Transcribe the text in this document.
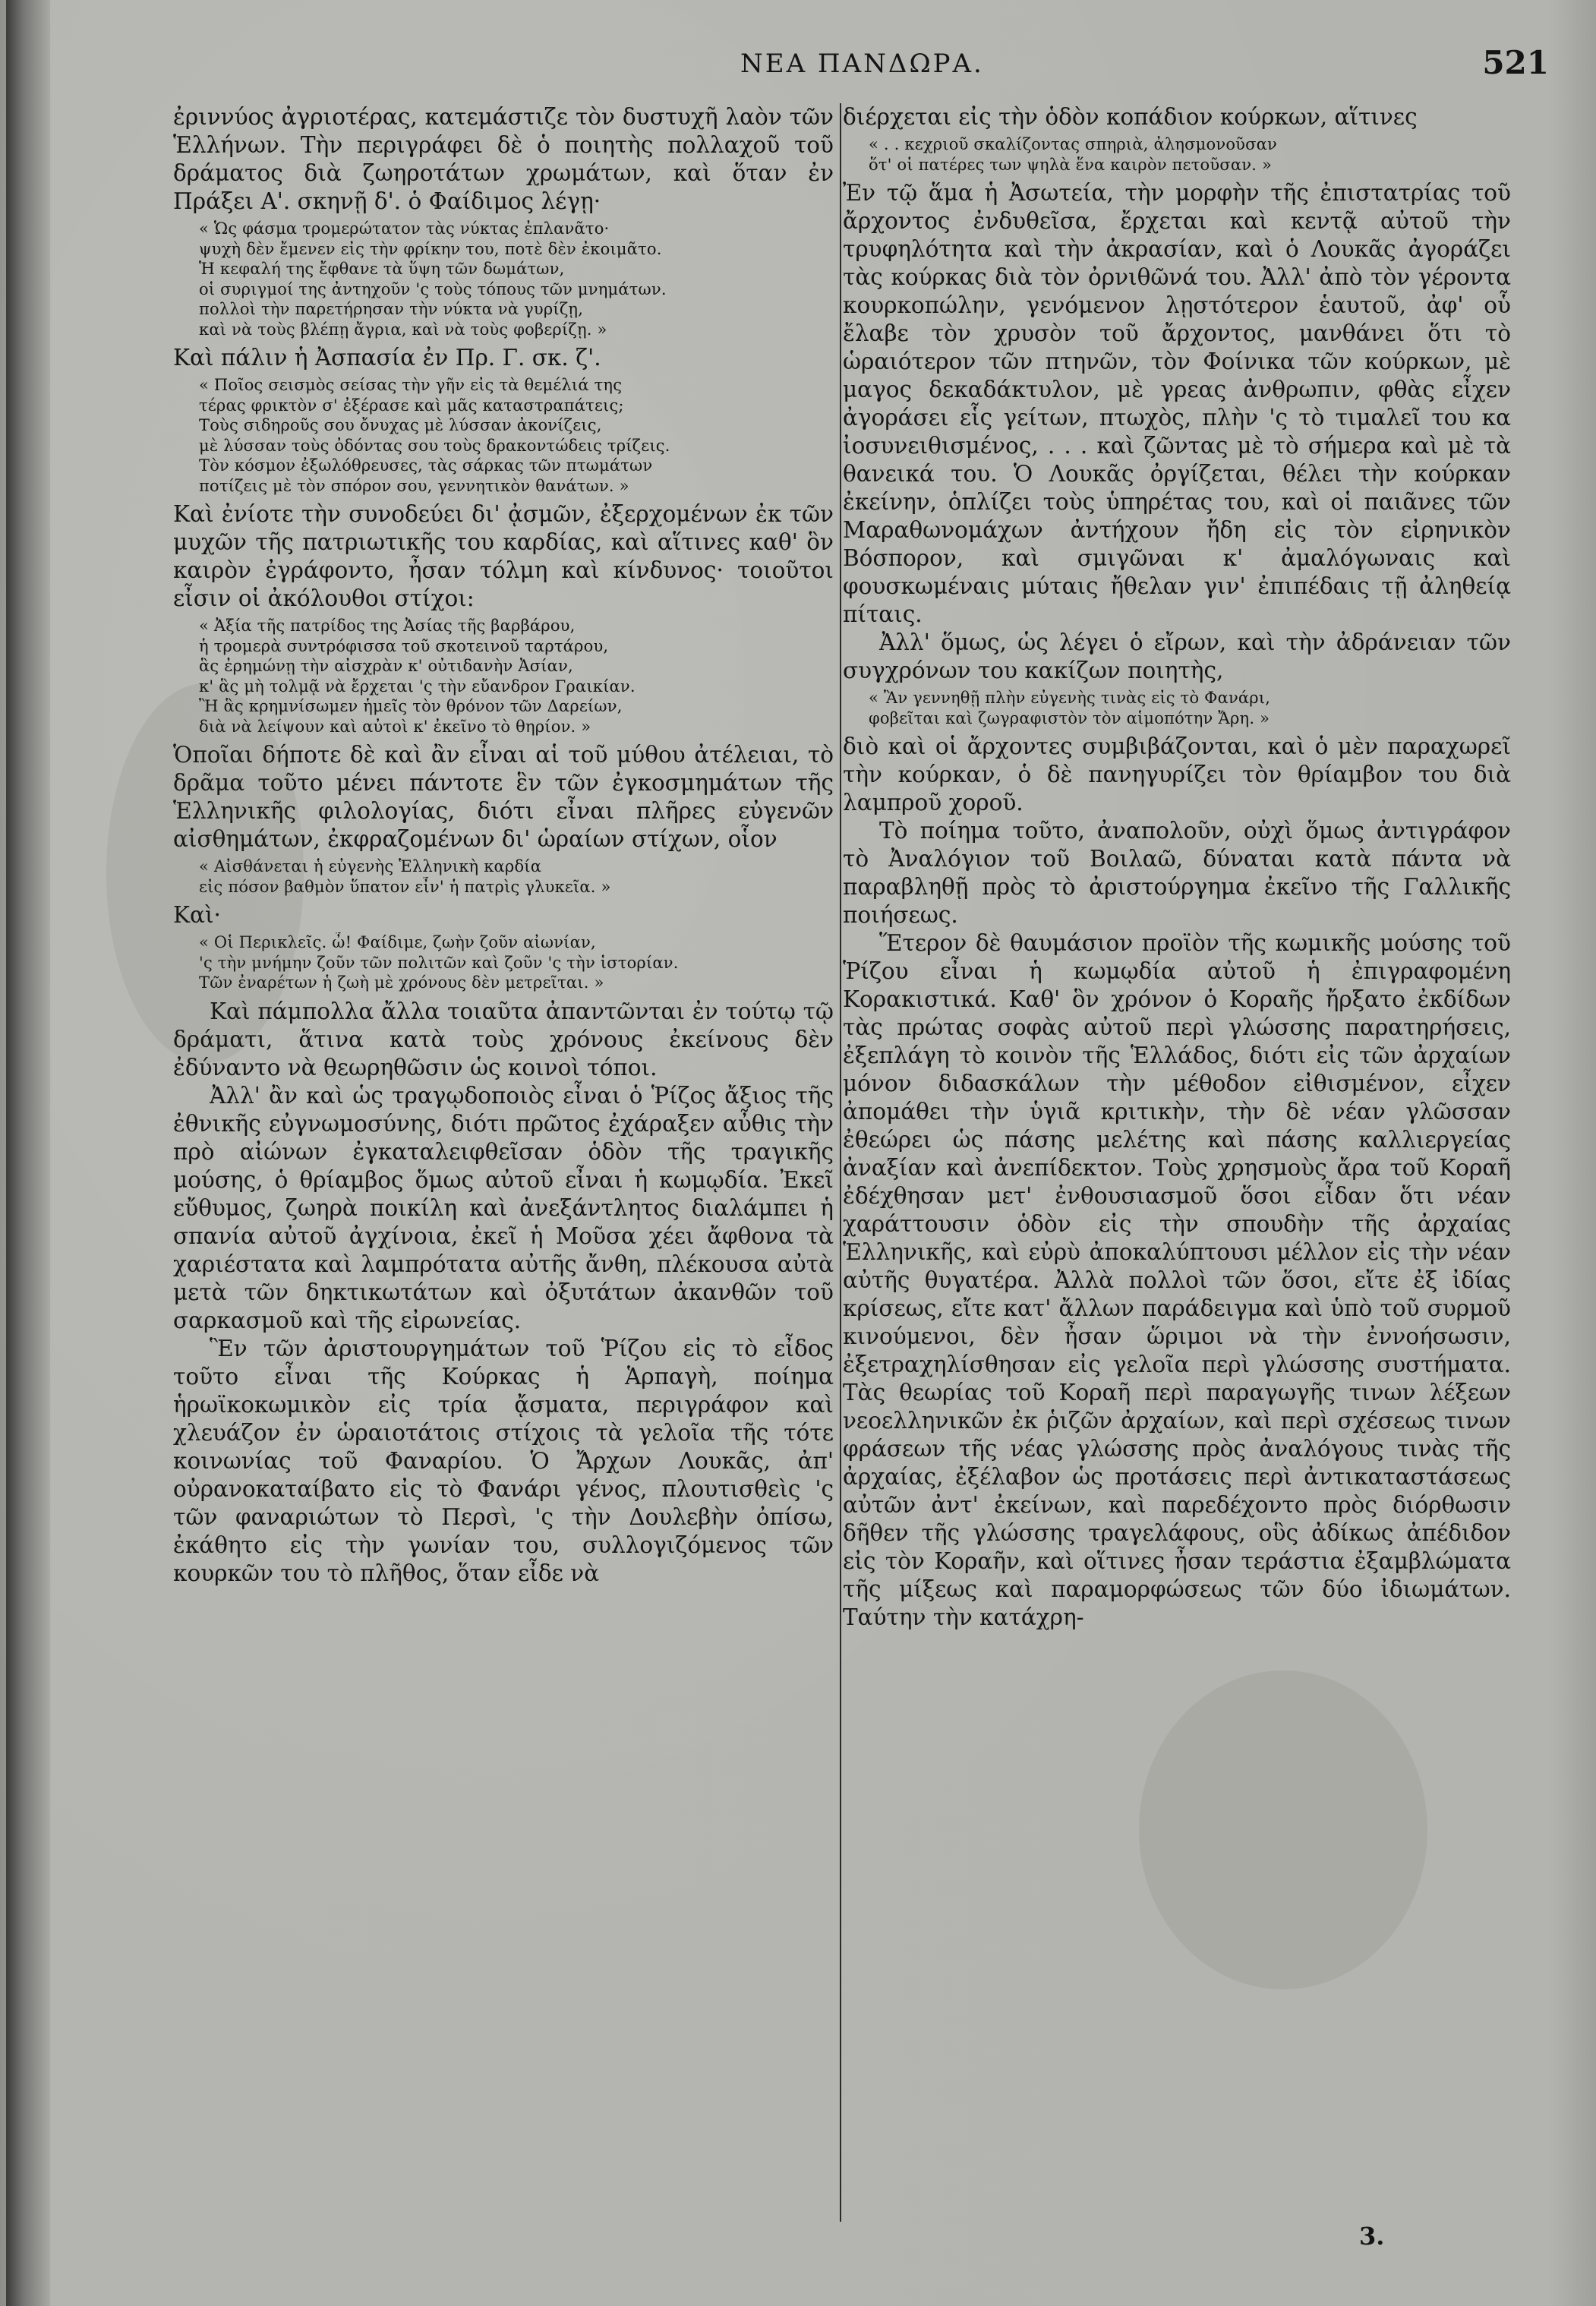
ΝΕΑ ΠΑΝΔΩΡΑ.	521

ἐριννύος ἀγριοτέρας, κατεμάστιζε τὸν δυστυχῆ λαὸν τῶν Ἑλλήνων. Τὴν περιγράφει δὲ ὁ ποιητὴς πολλαχοῦ τοῦ δράματος διὰ ζωηροτάτων χρωμάτων, καὶ ὅταν ἐν Πράξει Α'. σκηνῇ δ'. ὁ Φαίδιμος λέγῃ·

« Ὡς φάσμα τρομερώτατον τὰς νύκτας ἐπλανᾶτο·
ψυχὴ δὲν ἔμενεν εἰς τὴν φρίκην του, ποτὲ δὲν ἐκοιμᾶτο.
Ἡ κεφαλή της ἔφθανε τὰ ὕψη τῶν δωμάτων,
οἱ συριγμοί της ἀντηχοῦν 'ς τοὺς τόπους τῶν μνημάτων.
πολλοὶ τὴν παρετήρησαν τὴν νύκτα νὰ γυρίζῃ,
καὶ νὰ τοὺς βλέπῃ ἄγρια, καὶ νὰ τοὺς φοβερίζῃ. »

Καὶ πάλιν ἡ Ἀσπασία ἐν Πρ. Γ. σκ. ζ'.

« Ποῖος σεισμὸς σείσας τὴν γῆν εἰς τὰ θεμέλιά της
τέρας φρικτὸν σ' ἐξέρασε καὶ μᾶς καταστραπάτεις;
Τοὺς σιδηροῦς σου ὄνυχας μὲ λύσσαν ἀκονίζεις,
μὲ λύσσαν τοὺς ὀδόντας σου τοὺς δρακοντώδεις τρίζεις.
Τὸν κόσμον ἐξωλόθρευσες, τὰς σάρκας τῶν πτωμάτων
ποτίζεις μὲ τὸν σπόρον σου, γεννητικὸν θανάτων. »

Καὶ ἐνίοτε τὴν συνοδεύει δι' ᾀσμῶν, ἐξερχομένων ἐκ τῶν μυχῶν τῆς πατριωτικῆς του καρδίας, καὶ αἵτινες καθ' ὃν καιρὸν ἐγράφοντο, ἦσαν τόλμη καὶ κίνδυνος· τοιοῦτοι εἶσιν οἱ ἀκόλουθοι στίχοι:

« Ἀξία τῆς πατρίδος της Ἀσίας τῆς βαρβάρου,
ἡ τρομερὰ συντρόφισσα τοῦ σκοτεινοῦ ταρτάρου,
ἃς ἐρημώνῃ τὴν αἰσχρὰν κ' οὐτιδανὴν Ἀσίαν,
κ' ἃς μὴ τολμᾷ νὰ ἔρχεται 'ς τὴν εὔανδρον Γραικίαν.
Ἢ ἃς κρημνίσωμεν ἡμεῖς τὸν θρόνον τῶν Δαρείων,
διὰ νὰ λείψουν καὶ αὐτοὶ κ' ἐκεῖνο τὸ θηρίον. »

Ὁποῖαι δήποτε δὲ καὶ ἂν εἶναι αἱ τοῦ μύθου ἀτέλειαι, τὸ δρᾶμα τοῦτο μένει πάντοτε ἓν τῶν ἐγκοσμημάτων τῆς Ἑλληνικῆς φιλολογίας, διότι εἶναι πλῆρες εὐγενῶν αἰσθημάτων, ἐκφραζομένων δι' ὡραίων στίχων, οἷον

« Αἰσθάνεται ἡ εὐγενὴς Ἑλληνικὴ καρδία
εἰς πόσον βαθμὸν ὕπατον εἶν' ἡ πατρὶς γλυκεῖα. »

Καὶ·

« Οἱ Περικλεῖς. ὦ! Φαίδιμε, ζωὴν ζοῦν αἰωνίαν,
'ς τὴν μνήμην ζοῦν τῶν πολιτῶν καὶ ζοῦν 'ς τὴν ἱστορίαν.
Τῶν ἐναρέτων ἡ ζωὴ μὲ χρόνους δὲν μετρεῖται. »

Καὶ πάμπολλα ἄλλα τοιαῦτα ἀπαντῶνται ἐν τούτῳ τῷ δράματι, ἅτινα κατὰ τοὺς χρόνους ἐκείνους δὲν ἐδύναντο νὰ θεωρηθῶσιν ὡς κοινοὶ τόποι.

Ἀλλ' ἂν καὶ ὡς τραγῳδοποιὸς εἶναι ὁ Ῥίζος ἄξιος τῆς ἐθνικῆς εὐγνωμοσύνης, διότι πρῶτος ἐχάραξεν αὖθις τὴν πρὸ αἰώνων ἐγκαταλειφθεῖσαν ὁδὸν τῆς τραγικῆς μούσης, ὁ θρίαμβος ὅμως αὐτοῦ εἶναι ἡ κωμῳδία. Ἐκεῖ εὔθυμος, ζωηρὰ ποικίλη καὶ ἀνεξάντλητος διαλάμπει ἡ σπανία αὐτοῦ ἀγχίνοια, ἐκεῖ ἡ Μοῦσα χέει ἄφθονα τὰ χαριέστατα καὶ λαμπρότατα αὐτῆς ἄνθη, πλέκουσα αὐτὰ μετὰ τῶν δηκτικωτάτων καὶ ὀξυτάτων ἀκανθῶν τοῦ σαρκασμοῦ καὶ τῆς εἰρωνείας.

Ἓν τῶν ἀριστουργημάτων τοῦ Ῥίζου εἰς τὸ εἶδος τοῦτο εἶναι τῆς Κούρκας ἡ Ἁρπαγὴ, ποίημα ἡρωϊκοκωμικὸν εἰς τρία ᾄσματα, περιγράφον καὶ χλευάζον ἐν ὡραιοτάτοις στίχοις τὰ γελοῖα τῆς τότε κοινωνίας τοῦ Φαναρίου. Ὁ Ἄρχων Λουκᾶς, ἀπ' οὐρανοκαταίβατο εἰς τὸ Φανάρι γένος, πλουτισθεὶς 'ς τῶν φαναριώτων τὸ Περσὶ, 'ς τὴν Δουλεβὴν ὀπίσω, ἐκάθητο εἰς τὴν γωνίαν του, συλλογιζόμενος τῶν κουρκῶν του τὸ πλῆθος, ὅταν εἶδε νὰ

διέρχεται εἰς τὴν ὁδὸν κοπάδιον κούρκων, αἵτινες

« . . κεχριοῦ σκαλίζοντας σπηριὰ, ἀλησμονοῦσαν
ὅτ' οἱ πατέρες των ψηλὰ ἕνα καιρὸν πετοῦσαν. »

Ἐν τῷ ἅμα ἡ Ἀσωτεία, τὴν μορφὴν τῆς ἐπιστατρίας τοῦ ἄρχοντος ἐνδυθεῖσα, ἔρχεται καὶ κεντᾷ αὐτοῦ τὴν τρυφηλότητα καὶ τὴν ἀκρασίαν, καὶ ὁ Λουκᾶς ἀγοράζει τὰς κούρκας διὰ τὸν ὀρνιθῶνά του. Ἀλλ' ἀπὸ τὸν γέροντα κουρκοπώλην, γενόμενον λῃστότερον ἑαυτοῦ, ἀφ' οὗ ἔλαβε τὸν χρυσὸν τοῦ ἄρχοντος, μανθάνει ὅτι τὸ ὡραιότερον τῶν πτηνῶν, τὸν Φοίνικα τῶν κούρκων, μὲ μαγος δεκαδάκτυλον, μὲ γρεας ἀνθρωπιν, φθὰς εἶχεν ἀγοράσει εἷς γείτων, πτωχὸς, πλὴν 'ς τὸ τιμαλεῖ του κα ἰοσυνειθισμένος, . . . καὶ ζῶντας μὲ τὸ σήμερα καὶ μὲ τὰ θανεικά του. Ὁ Λουκᾶς ὀργίζεται, θέλει τὴν κούρκαν ἐκείνην, ὁπλίζει τοὺς ὑπηρέτας του, καὶ οἱ παιᾶνες τῶν Μαραθωνομάχων ἀντήχουν ἤδη εἰς τὸν εἰρηνικὸν Βόσπορον, καὶ σμιγῶναι κ' ἀμαλόγωναις καὶ φουσκωμέναις μύταις ἤθελαν γιν' ἐπιπέδαις τῇ ἀληθείᾳ πίταις.

Ἀλλ' ὅμως, ὡς λέγει ὁ εἴρων, καὶ τὴν ἀδράνειαν τῶν συγχρόνων του κακίζων ποιητὴς,

« Ἂν γεννηθῇ πλὴν εὐγενὴς τινὰς εἰς τὸ Φανάρι,
φοβεῖται καὶ ζωγραφιστὸν τὸν αἱμοπότην Ἄρη. »

διὸ καὶ οἱ ἄρχοντες συμβιβάζονται, καὶ ὁ μὲν παραχωρεῖ τὴν κούρκαν, ὁ δὲ πανηγυρίζει τὸν θρίαμβον του διὰ λαμπροῦ χοροῦ.

Τὸ ποίημα τοῦτο, ἀναπολοῦν, οὐχὶ ὅμως ἀντιγράφον τὸ Ἀναλόγιον τοῦ Βοιλαῶ, δύναται κατὰ πάντα νὰ παραβληθῇ πρὸς τὸ ἀριστούργημα ἐκεῖνο τῆς Γαλλικῆς ποιήσεως.

Ἕτερον δὲ θαυμάσιον προϊὸν τῆς κωμικῆς μούσης τοῦ Ῥίζου εἶναι ἡ κωμῳδία αὐτοῦ ἡ ἐπιγραφομένη Κορακιστικά. Καθ' ὃν χρόνον ὁ Κοραῆς ἤρξατο ἐκδίδων τὰς πρώτας σοφὰς αὐτοῦ περὶ γλώσσης παρατηρήσεις, ἐξεπλάγη τὸ κοινὸν τῆς Ἑλλάδος, διότι εἰς τῶν ἀρχαίων μόνον διδασκάλων τὴν μέθοδον εἰθισμένον, εἶχεν ἀπομάθει τὴν ὑγιᾶ κριτικὴν, τὴν δὲ νέαν γλῶσσαν ἐθεώρει ὡς πάσης μελέτης καὶ πάσης καλλιεργείας ἀναξίαν καὶ ἀνεπίδεκτον. Τοὺς χρησμοὺς ἄρα τοῦ Κοραῆ ἐδέχθησαν μετ' ἐνθουσιασμοῦ ὅσοι εἶδαν ὅτι νέαν χαράττουσιν ὁδὸν εἰς τὴν σπουδὴν τῆς ἀρχαίας Ἑλληνικῆς, καὶ εὐρὺ ἀποκαλύπτουσι μέλλον εἰς τὴν νέαν αὐτῆς θυγατέρα. Ἀλλὰ πολλοὶ τῶν ὅσοι, εἴτε ἐξ ἰδίας κρίσεως, εἴτε κατ' ἄλλων παράδειγμα καὶ ὑπὸ τοῦ συρμοῦ κινούμενοι, δὲν ἦσαν ὥριμοι νὰ τὴν ἐννοήσωσιν, ἐξετραχηλίσθησαν εἰς γελοῖα περὶ γλώσσης συστήματα. Τὰς θεωρίας τοῦ Κοραῆ περὶ παραγωγῆς τινων λέξεων νεοελληνικῶν ἐκ ῥιζῶν ἀρχαίων, καὶ περὶ σχέσεως τινων φράσεων τῆς νέας γλώσσης πρὸς ἀναλόγους τινὰς τῆς ἀρχαίας, ἐξέλαβον ὡς προτάσεις περὶ ἀντικαταστάσεως αὐτῶν ἀντ' ἐκείνων, καὶ παρεδέχοντο πρὸς διόρθωσιν δῆθεν τῆς γλώσσης τραγελάφους, οὓς ἀδίκως ἀπέδιδον εἰς τὸν Κοραῆν, καὶ οἵτινες ἦσαν τεράστια ἐξαμβλώματα τῆς μίξεως καὶ παραμορφώσεως τῶν δύο ἰδιωμάτων. Ταύτην τὴν κατάχρη-

3.
